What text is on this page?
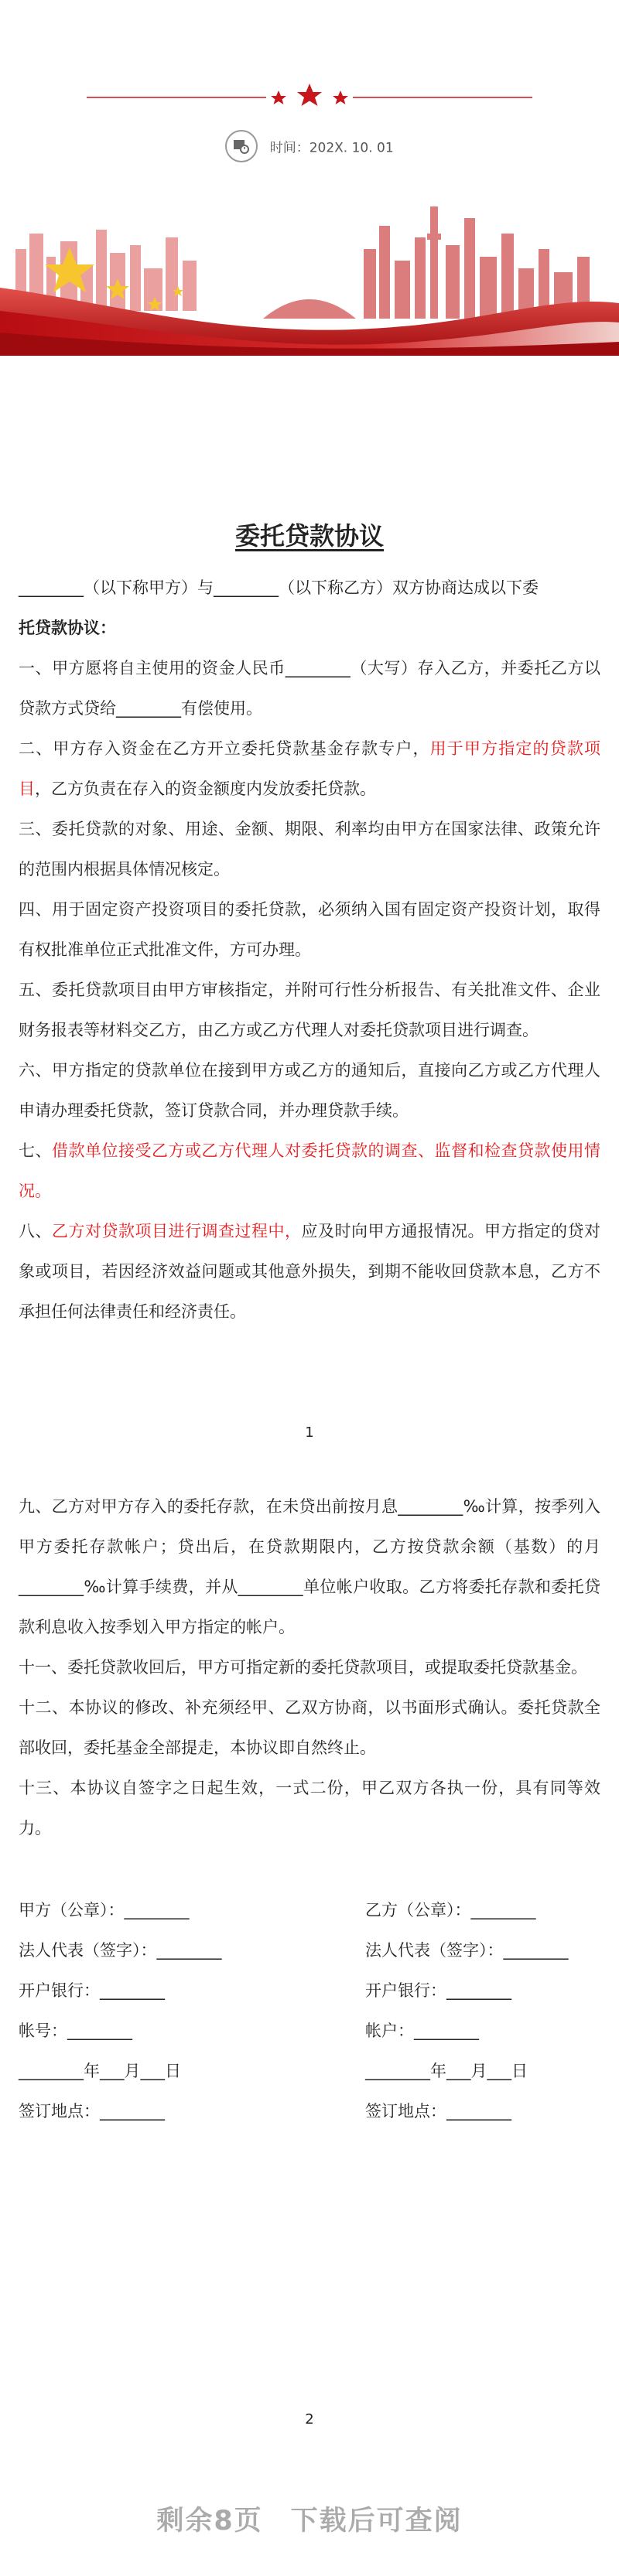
时间：202X. 10. 01
委托贷款协议

________（以下称甲方）与________（以下称乙方）双方协商达成以下委

托贷款协议：

一、甲方愿将自主使用的资金人民币________（大写）存入乙方，并委托乙方以贷款方式贷给________有偿使用。

二、甲方存入资金在乙方开立委托贷款基金存款专户，用于甲方指定的贷款项目，乙方负责在存入的资金额度内发放委托贷款。

三、委托贷款的对象、用途、金额、期限、利率均由甲方在国家法律、政策允许的范围内根据具体情况核定。

四、用于固定资产投资项目的委托贷款，必须纳入国有固定资产投资计划，取得有权批准单位正式批准文件，方可办理。

五、委托贷款项目由甲方审核指定，并附可行性分析报告、有关批准文件、企业财务报表等材料交乙方，由乙方或乙方代理人对委托贷款项目进行调查。

六、甲方指定的贷款单位在接到甲方或乙方的通知后，直接向乙方或乙方代理人申请办理委托贷款，签订贷款合同，并办理贷款手续。

七、借款单位接受乙方或乙方代理人对委托贷款的调查、监督和检查贷款使用情况。

八、乙方对贷款项目进行调查过程中，应及时向甲方通报情况。甲方指定的贷对象或项目，若因经济效益问题或其他意外损失，到期不能收回贷款本息，乙方不承担任何法律责任和经济责任。

1

九、乙方对甲方存入的委托存款，在未贷出前按月息________‰计算，按季列入甲方委托存款帐户；贷出后，在贷款期限内，乙方按贷款余额（基数）的月________‰计算手续费，并从________单位帐户收取。乙方将委托存款和委托贷款利息收入按季划入甲方指定的帐户。

十一、委托贷款收回后，甲方可指定新的委托贷款项目，或提取委托贷款基金。

十二、本协议的修改、补充须经甲、乙双方协商，以书面形式确认。委托贷款全部收回，委托基金全部提走，本协议即自然终止。

十三、本协议自签字之日起生效，一式二份，甲乙双方各执一份，具有同等效力。

甲方（公章）：________	乙方（公章）：________
法人代表（签字）：________	法人代表（签字）：________
开户银行：________	开户银行：________
帐号：________	帐户：________
________年___月___日	________年___月___日
签订地点：________	签订地点：________
2
剩余8页 下载后可查阅
